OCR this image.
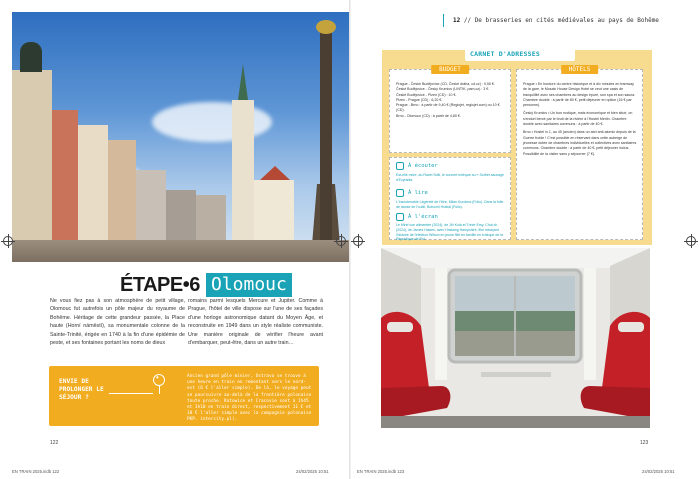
ÉTAPE•6 Olomouc
Ne vous fiez pas à son atmosphère de petit village, Olomouc fut autrefois un pôle majeur du royaume de Bohême. Héritage de cette grandeur passée, la Place haute (Horní náměstí), sa monumentale colonne de la Sainte-Trinité, érigée en 1740 à la fin d'une épidémie de peste, et ses fontaines portant les noms de dieux
romains parmi lesquels Mercure et Jupiter. Comme à Prague, l'hôtel de ville dispose sur l'une de ses façades d'une horloge astronomique datant du Moyen Âge, et reconstruite en 1949 dans un style réaliste communiste. Une manière originale de vérifier l'heure avant d'embarquer, peut-être, dans un autre train…
ENVIE DE PROLONGER LE SÉJOUR ?
•
Ancien grand pôle minier, Ostrava se trouve à une heure en train en remontant vers le nord-est (6 € l'aller simple). De là, le voyage peut se poursuivre au-delà de la frontière polonaise toute proche. Katowice et Cracovie sont à 1h45 et 3h10 en train direct, respectivement 11 € et 18 € l'aller simple avec la compagnie polonaise PKP. intercity.pl).
122
EN TRAIN 2025.indb 122	24/02/2025 10:51
12 // De brasseries en cités médiévales au pays de Bohême
CARNET D'ADRESSES
BUDGET
Prague - České Budějovice (CD, České dráha, cd.cz) : 9,50 €.
České Budějovice - Český Krumlov (LINTIK, pam.cz) : 3 €.
České Budějovice - Plzen (CD) : 10 €.
Plzen - Prague (CD) : 6,20 €.
Prague - Brno : à partir de 9,40 € (Regiojet, regiojet.com) ou 10 € (CD).
Brno - Olomouc (CD) : à partir de 4,80 €.
HÔTELS
Prague • En bordure du centre historique et à dix minutes en tramway de la gare, le Mosaic House Design Hotel se veut une oasis de tranquillité avec ses chambres au design épuré, son spa et son sauna. Chambre double : à partir de 80 €, petit déjeuner en option (16 € par personne).
Český Krumlov • Un bon rustique, mais économique et bien situé, on s'endort bercé par le bruit de la rivière à l'Hostel Merlin. Chambre double avec sanitaires communs : à partir de 40 €.
Brno • Hostel in 1, au 45 (ancien) dans un abri anti-atomic depuis de la Guerre froide ! C'est possible en réservant dans cette auberge de jeunesse dotée de chambres individuelles et collectives avec sanitaires communs. Chambre double : à partir de 40 €, petit déjeuner inclus. Possibilité de la visiter sans y séjourner (7 €).
À écouter
Est-elle mûre, au Ravel Solti, le concert tchèque au « Sorbet sauvage d'Ecyradia.
À lire
L'Insoutenable Légèreté de l'être, Milan Kundera (Folio). Dans la folle de danse de l'oubli, Bohumil Hrabal (Folio).
À l'écran
Le Mirel vue alimentée (2024), de Jiří Kolá et Trinér Ersy. Chut ch (2024), de James Hawes, avec Hrabang Hampshire, film retraçant l'histoire de l'élection Wilson en jeune fille en famille en tchèque de la République de Pol.
123
EN TRAIN 2025.indb 123	24/02/2025 10:51
